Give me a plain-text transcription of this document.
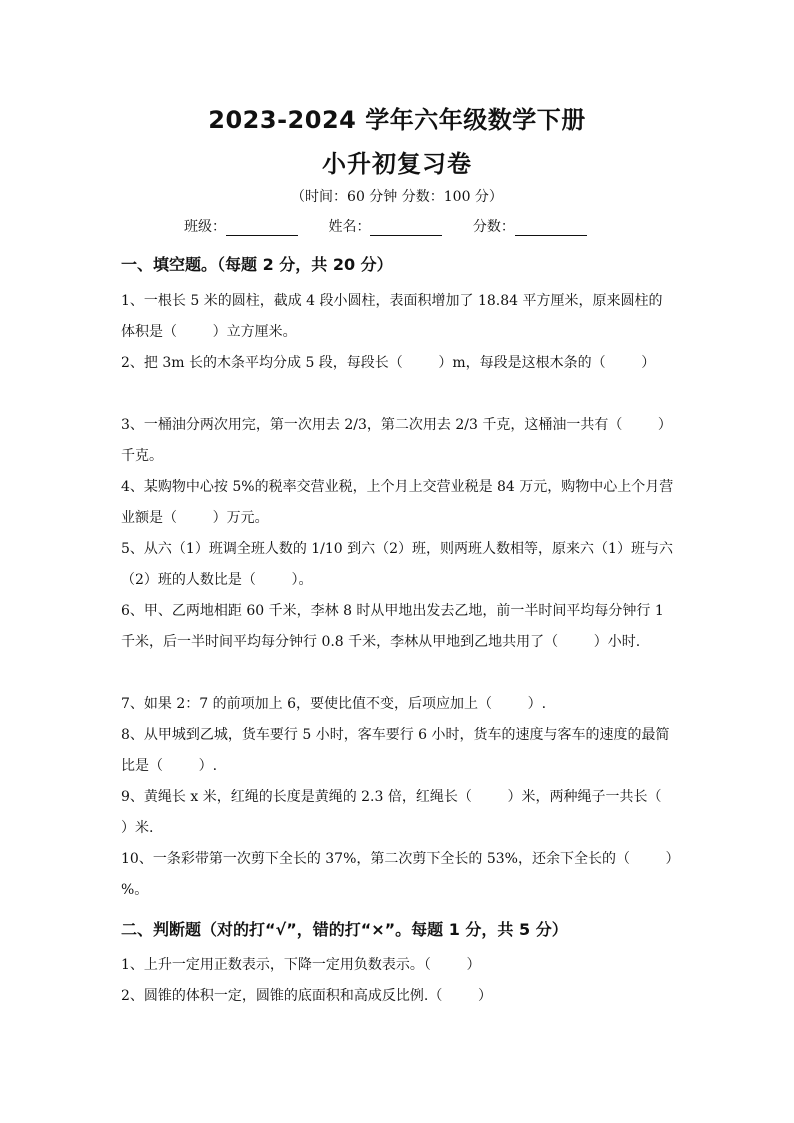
2023-2024 学年六年级数学下册
小升初复习卷
（时间：60 分钟 分数：100 分）
班级：	姓名：	分数：
一、填空题。（每题 2 分，共 20 分）
1、一根长 5 米的圆柱，截成 4 段小圆柱，表面积增加了 18.84 平方厘米，原来圆柱的体积是（        ）立方厘米。
2、把 3m 长的木条平均分成 5 段，每段长（        ）m，每段是这根木条的（        ）
3、一桶油分两次用完，第一次用去 2/3，第二次用去 2/3 千克，这桶油一共有（        ）千克。
4、某购物中心按 5%的税率交营业税，上个月上交营业税是 84 万元，购物中心上个月营业额是（        ）万元。
5、从六（1）班调全班人数的 1/10 到六（2）班，则两班人数相等，原来六（1）班与六（2）班的人数比是（        ）。
6、甲、乙两地相距 60 千米，李林 8 时从甲地出发去乙地，前一半时间平均每分钟行 1 千米，后一半时间平均每分钟行 0.8 千米，李林从甲地到乙地共用了（        ）小时.
7、如果 2：7 的前项加上 6，要使比值不变，后项应加上（        ）.
8、从甲城到乙城，货车要行 5 小时，客车要行 6 小时，货车的速度与客车的速度的最简比是（        ）.
9、黄绳长 x 米，红绳的长度是黄绳的 2.3 倍，红绳长（        ）米，两种绳子一共长（        ）米.
10、一条彩带第一次剪下全长的 37%，第二次剪下全长的 53%，还余下全长的（        ）%。
二、判断题（对的打“√”，错的打“×”。每题 1 分，共 5 分）
1、上升一定用正数表示，下降一定用负数表示。（        ）
2、圆锥的体积一定，圆锥的底面积和高成反比例.（        ）
